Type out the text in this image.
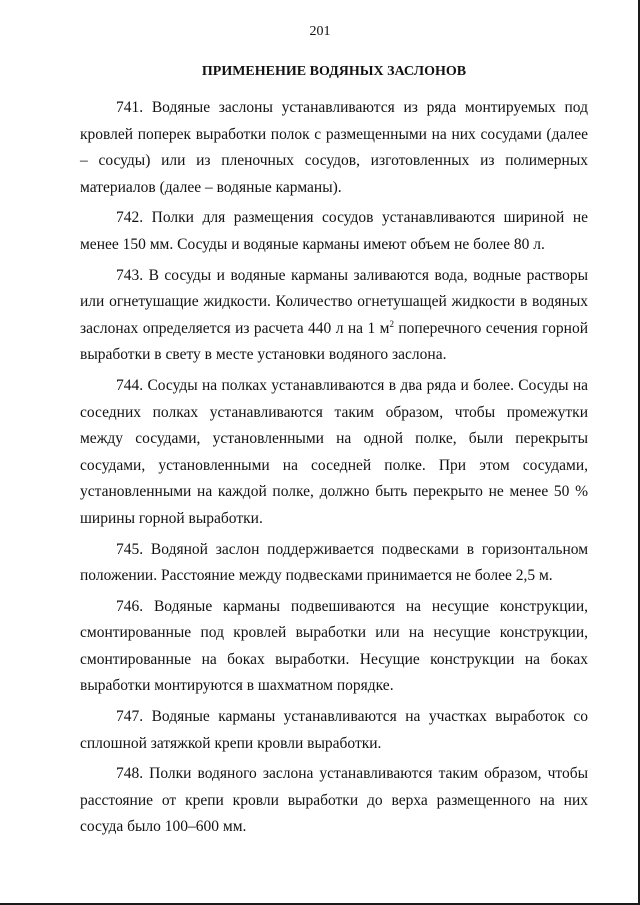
201
ПРИМЕНЕНИЕ ВОДЯНЫХ ЗАСЛОНОВ

741. Водяные заслоны устанавливаются из ряда монтируемых под кровлей поперек выработки полок с размещенными на них сосудами (далее – сосуды) или из пленочных сосудов, изготовленных из полимерных материалов (далее – водяные карманы).

742. Полки для размещения сосудов устанавливаются шириной не менее 150 мм. Сосуды и водяные карманы имеют объем не более 80 л.

743. В сосуды и водяные карманы заливаются вода, водные растворы или огнетушащие жидкости. Количество огнетушащей жидкости в водяных заслонах определяется из расчета 440 л на 1 $м^2$ поперечного сечения горной выработки в свету в месте установки водяного заслона.

744. Сосуды на полках устанавливаются в два ряда и более. Сосуды на соседних полках устанавливаются таким образом, чтобы промежутки между сосудами, установленными на одной полке, были перекрыты сосудами, установленными на соседней полке. При этом сосудами, установленными на каждой полке, должно быть перекрыто не менее 50 % ширины горной выработки.

745. Водяной заслон поддерживается подвесками в горизонтальном положении. Расстояние между подвесками принимается не более 2,5 м.

746. Водяные карманы подвешиваются на несущие конструкции, смонтированные под кровлей выработки или на несущие конструкции, смонтированные на боках выработки. Несущие конструкции на боках выработки монтируются в шахматном порядке.

747. Водяные карманы устанавливаются на участках выработок со сплошной затяжкой крепи кровли выработки.

748. Полки водяного заслона устанавливаются таким образом, чтобы расстояние от крепи кровли выработки до верха размещенного на них сосуда было 100–600 мм.
